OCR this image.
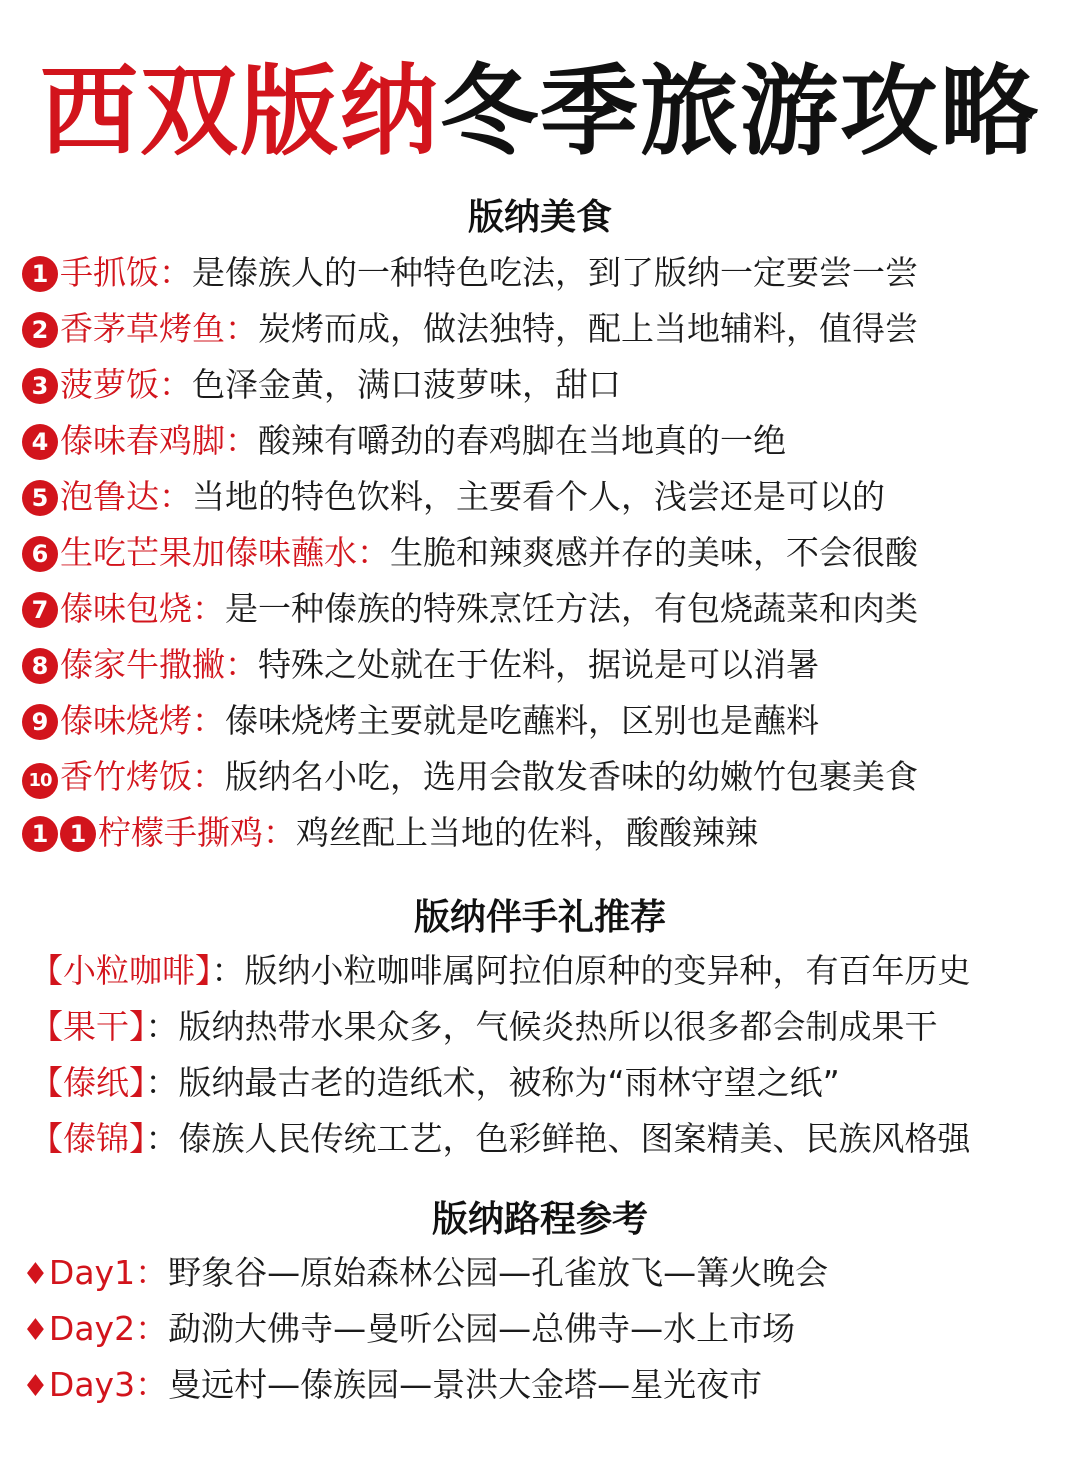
西双版纳冬季旅游攻略
版纳美食
1 手抓饭：是傣族人的一种特色吃法，到了版纳一定要尝一尝
2 香茅草烤鱼：炭烤而成，做法独特，配上当地辅料，值得尝
3 菠萝饭：色泽金黄，满口菠萝味，甜口
4 傣味春鸡脚：酸辣有嚼劲的春鸡脚在当地真的一绝
5 泡鲁达：当地的特色饮料，主要看个人，浅尝还是可以的
6 生吃芒果加傣味蘸水：生脆和辣爽感并存的美味，不会很酸
7 傣味包烧：是一种傣族的特殊烹饪方法，有包烧蔬菜和肉类
8 傣家牛撒撇：特殊之处就在于佐料，据说是可以消暑
9 傣味烧烤：傣味烧烤主要就是吃蘸料，区别也是蘸料
10 香竹烤饭：版纳名小吃，选用会散发香味的幼嫩竹包裹美食
1 1 柠檬手撕鸡：鸡丝配上当地的佐料，酸酸辣辣
版纳伴手礼推荐
【小粒咖啡】：版纳小粒咖啡属阿拉伯原种的变异种，有百年历史
【果干】：版纳热带水果众多，气候炎热所以很多都会制成果干
【傣纸】：版纳最古老的造纸术，被称为“雨林守望之纸”
【傣锦】：傣族人民传统工艺，色彩鲜艳、图案精美、民族风格强
版纳路程参考
♦Day1：野象谷—原始森林公园—孔雀放飞—篝火晚会
♦Day2：勐泐大佛寺—曼听公园—总佛寺—水上市场
♦Day3：曼远村—傣族园—景洪大金塔—星光夜市
